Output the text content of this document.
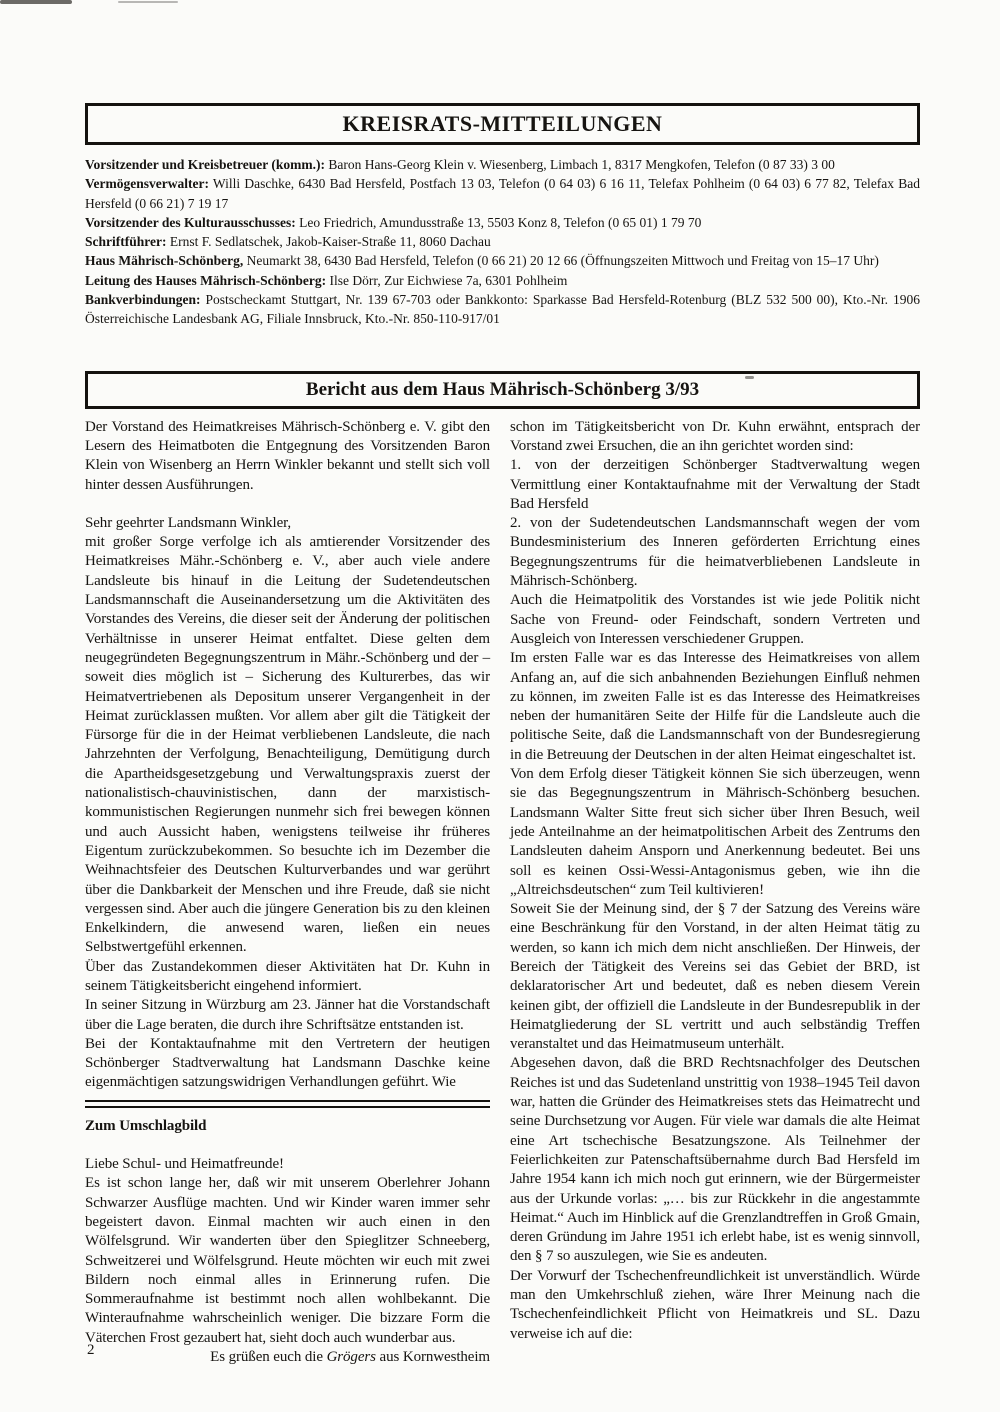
KREISRATS-MITTEILUNGEN

Vorsitzender und Kreisbetreuer (komm.): Baron Hans-Georg Klein v. Wiesenberg, Limbach 1, 8317 Mengkofen, Telefon (0 87 33) 3 00

Vermögensverwalter: Willi Daschke, 6430 Bad Hersfeld, Postfach 13 03, Telefon (0 64 03) 6 16 11, Telefax Pohlheim (0 64 03) 6 77 82, Telefax Bad Hersfeld (0 66 21) 7 19 17

Vorsitzender des Kulturausschusses: Leo Friedrich, Amundusstraße 13, 5503 Konz 8, Telefon (0 65 01) 1 79 70

Schriftführer: Ernst F. Sedlatschek, Jakob-Kaiser-Straße 11, 8060 Dachau

Haus Mährisch-Schönberg, Neumarkt 38, 6430 Bad Hersfeld, Telefon (0 66 21) 20 12 66 (Öffnungszeiten Mittwoch und Freitag von 15–17 Uhr)

Leitung des Hauses Mährisch-Schönberg: Ilse Dörr, Zur Eichwiese 7a, 6301 Pohlheim

Bankverbindungen: Postscheckamt Stuttgart, Nr. 139 67-703 oder Bankkonto: Sparkasse Bad Hersfeld-Rotenburg (BLZ 532 500 00), Kto.-Nr. 1906 Österreichische Landesbank AG, Filiale Innsbruck, Kto.-Nr. 850-110-917/01

Bericht aus dem Haus Mährisch-Schönberg 3/93

Der Vorstand des Heimatkreises Mährisch-Schönberg e. V. gibt den Lesern des Heimatboten die Entgegnung des Vorsitzenden Baron Klein von Wisenberg an Herrn Winkler bekannt und stellt sich voll hinter dessen Ausführungen.

Sehr geehrter Landsmann Winkler,

mit großer Sorge verfolge ich als amtierender Vorsitzender des Heimatkreises Mähr.-Schönberg e. V., aber auch viele andere Landsleute bis hinauf in die Leitung der Sudetendeutschen Landsmannschaft die Auseinandersetzung um die Aktivitäten des Vorstandes des Vereins, die dieser seit der Änderung der politischen Verhältnisse in unserer Heimat entfaltet. Diese gelten dem neugegründeten Begegnungszentrum in Mähr.-Schönberg und der – soweit dies möglich ist – Sicherung des Kulturerbes, das wir Heimatvertriebenen als Depositum unserer Vergangenheit in der Heimat zurücklassen mußten. Vor allem aber gilt die Tätigkeit der Fürsorge für die in der Heimat verbliebenen Landsleute, die nach Jahrzehnten der Verfolgung, Benachteiligung, Demütigung durch die Apartheidsgesetzgebung und Verwaltungspraxis zuerst der nationalistisch-chauvinistischen, dann der marxistisch-kommunistischen Regierungen nunmehr sich frei bewegen können und auch Aussicht haben, wenigstens teilweise ihr früheres Eigentum zurückzubekommen. So besuchte ich im Dezember die Weihnachtsfeier des Deutschen Kulturverbandes und war gerührt über die Dankbarkeit der Menschen und ihre Freude, daß sie nicht vergessen sind. Aber auch die jüngere Generation bis zu den kleinen Enkelkindern, die anwesend waren, ließen ein neues Selbstwertgefühl erkennen.

Über das Zustandekommen dieser Aktivitäten hat Dr. Kuhn in seinem Tätigkeitsbericht eingehend informiert.

In seiner Sitzung in Würzburg am 23. Jänner hat die Vorstandschaft über die Lage beraten, die durch ihre Schriftsätze entstanden ist.

Bei der Kontaktaufnahme mit den Vertretern der heutigen Schönberger Stadtverwaltung hat Landsmann Daschke keine eigenmächtigen satzungswidrigen Verhandlungen geführt. Wie

Zum Umschlagbild

Liebe Schul- und Heimatfreunde!

Es ist schon lange her, daß wir mit unserem Oberlehrer Johann Schwarzer Ausflüge machten. Und wir Kinder waren immer sehr begeistert davon. Einmal machten wir auch einen in den Wölfelsgrund. Wir wanderten über den Spieglitzer Schneeberg, Schweitzerei und Wölfelsgrund. Heute möchten wir euch mit zwei Bildern noch einmal alles in Erinnerung rufen. Die Sommeraufnahme ist bestimmt noch allen wohlbekannt. Die Winteraufnahme wahrscheinlich weniger. Die bizzare Form die Väterchen Frost gezaubert hat, sieht doch auch wunderbar aus.

Es grüßen euch die Grögers aus Kornwestheim

schon im Tätigkeitsbericht von Dr. Kuhn erwähnt, entsprach der Vorstand zwei Ersuchen, die an ihn gerichtet worden sind:

1. von der derzeitigen Schönberger Stadtverwaltung wegen Vermittlung einer Kontaktaufnahme mit der Verwaltung der Stadt Bad Hersfeld

2. von der Sudetendeutschen Landsmannschaft wegen der vom Bundesministerium des Inneren geförderten Errichtung eines Begegnungszentrums für die heimatverbliebenen Landsleute in Mährisch-Schönberg.

Auch die Heimatpolitik des Vorstandes ist wie jede Politik nicht Sache von Freund- oder Feindschaft, sondern Vertreten und Ausgleich von Interessen verschiedener Gruppen.

Im ersten Falle war es das Interesse des Heimatkreises von allem Anfang an, auf die sich anbahnenden Beziehungen Einfluß nehmen zu können, im zweiten Falle ist es das Interesse des Heimatkreises neben der humanitären Seite der Hilfe für die Landsleute auch die politische Seite, daß die Landsmannschaft von der Bundesregierung in die Betreuung der Deutschen in der alten Heimat eingeschaltet ist.

Von dem Erfolg dieser Tätigkeit können Sie sich überzeugen, wenn sie das Begegnungszentrum in Mährisch-Schönberg besuchen. Landsmann Walter Sitte freut sich sicher über Ihren Besuch, weil jede Anteilnahme an der heimatpolitischen Arbeit des Zentrums den Landsleuten daheim Ansporn und Anerkennung bedeutet. Bei uns soll es keinen Ossi-Wessi-Antagonismus geben, wie ihn die „Altreichsdeutschen“ zum Teil kultivieren!

Soweit Sie der Meinung sind, der § 7 der Satzung des Vereins wäre eine Beschränkung für den Vorstand, in der alten Heimat tätig zu werden, so kann ich mich dem nicht anschließen. Der Hinweis, der Bereich der Tätigkeit des Vereins sei das Gebiet der BRD, ist deklaratorischer Art und bedeutet, daß es neben diesem Verein keinen gibt, der offiziell die Landsleute in der Bundesrepublik in der Heimatgliederung der SL vertritt und auch selbständig Treffen veranstaltet und das Heimatmuseum unterhält.

Abgesehen davon, daß die BRD Rechtsnachfolger des Deutschen Reiches ist und das Sudetenland unstrittig von 1938–1945 Teil davon war, hatten die Gründer des Heimatkreises stets das Heimatrecht und seine Durchsetzung vor Augen. Für viele war damals die alte Heimat eine Art tschechische Besatzungszone. Als Teilnehmer der Feierlichkeiten zur Patenschaftsübernahme durch Bad Hersfeld im Jahre 1954 kann ich mich noch gut erinnern, wie der Bürgermeister aus der Urkunde vorlas: „… bis zur Rückkehr in die angestammte Heimat.“ Auch im Hinblick auf die Grenzlandtreffen in Groß Gmain, deren Gründung im Jahre 1951 ich erlebt habe, ist es wenig sinnvoll, den § 7 so auszulegen, wie Sie es andeuten.

Der Vorwurf der Tschechenfreundlichkeit ist unverständlich. Würde man den Umkehrschluß ziehen, wäre Ihrer Meinung nach die Tschechenfeindlichkeit Pflicht von Heimatkreis und SL. Dazu verweise ich auf die:

2
